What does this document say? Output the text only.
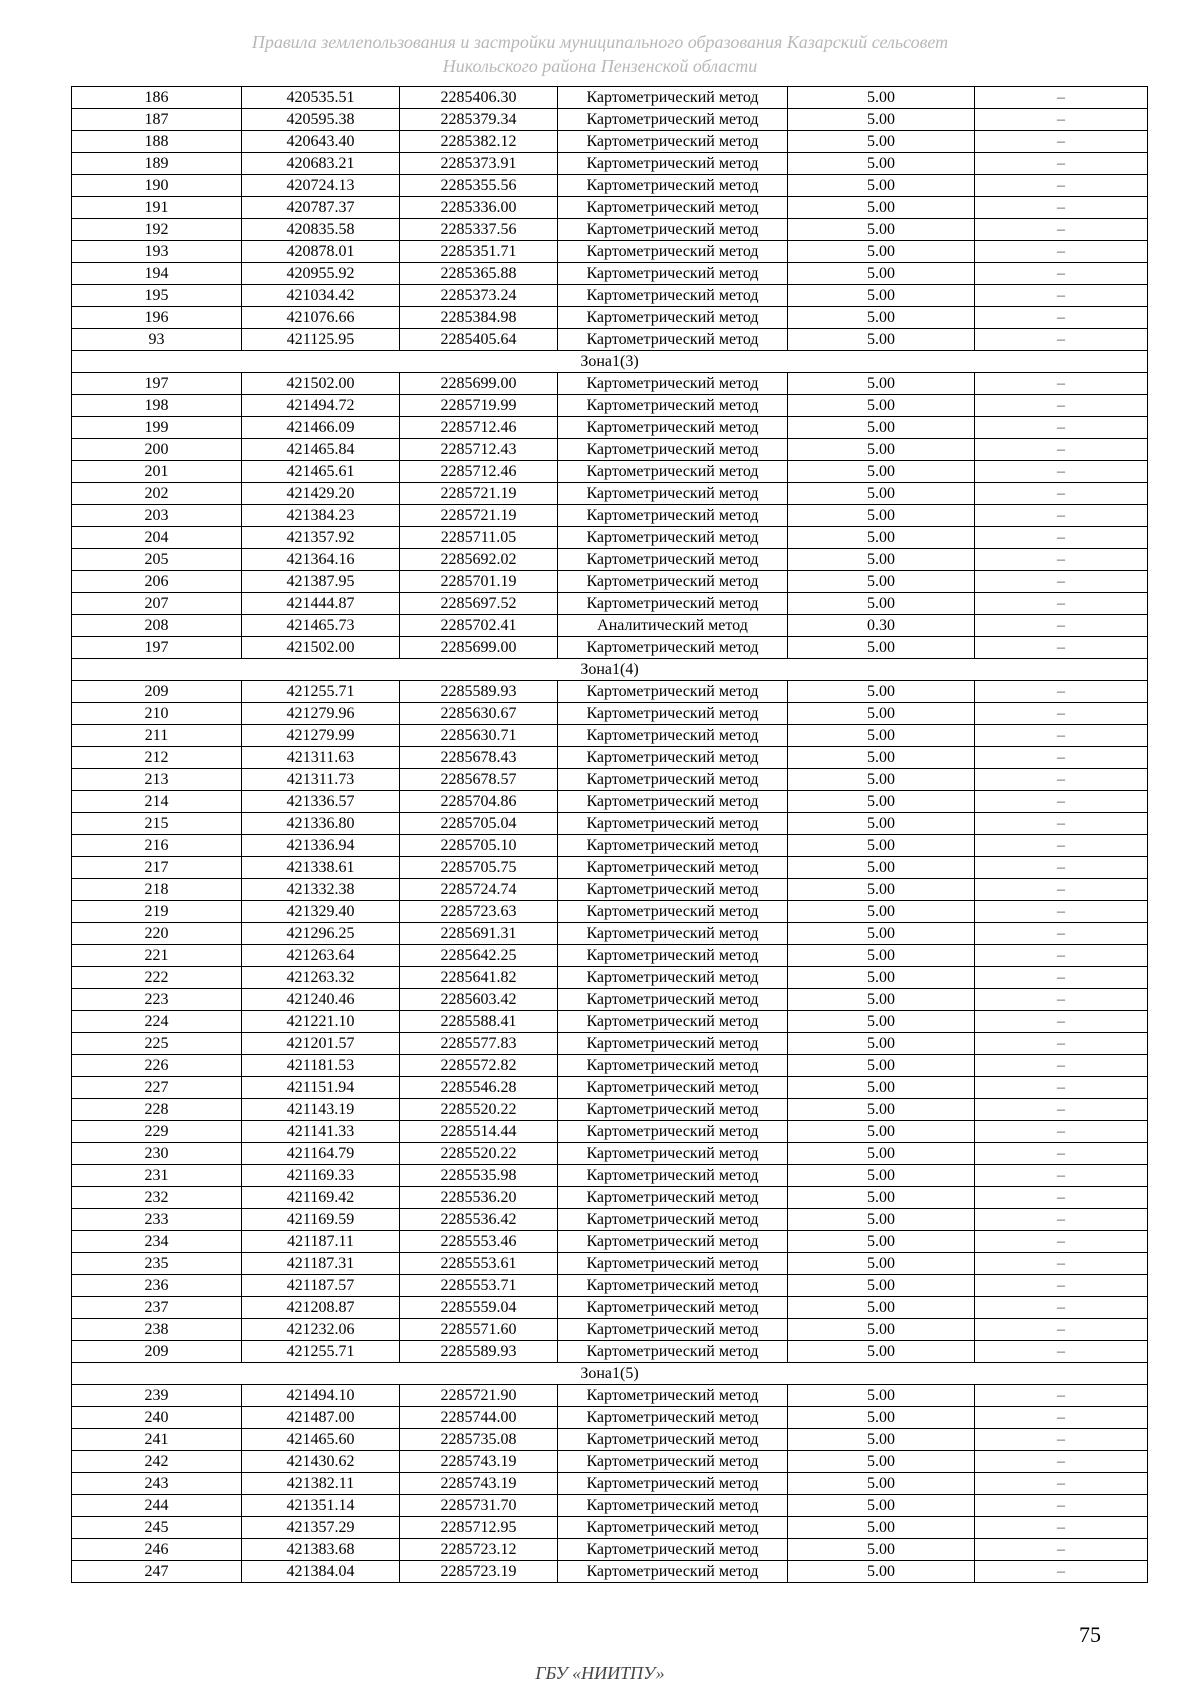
Правила землепользования и застройки муниципального образования Казарский сельсовет
Никольского района Пензенской области
186	420535.51	2285406.30	Картометрический метод	5.00	–
187	420595.38	2285379.34	Картометрический метод	5.00	–
188	420643.40	2285382.12	Картометрический метод	5.00	–
189	420683.21	2285373.91	Картометрический метод	5.00	–
190	420724.13	2285355.56	Картометрический метод	5.00	–
191	420787.37	2285336.00	Картометрический метод	5.00	–
192	420835.58	2285337.56	Картометрический метод	5.00	–
193	420878.01	2285351.71	Картометрический метод	5.00	–
194	420955.92	2285365.88	Картометрический метод	5.00	–
195	421034.42	2285373.24	Картометрический метод	5.00	–
196	421076.66	2285384.98	Картометрический метод	5.00	–
93	421125.95	2285405.64	Картометрический метод	5.00	–
Зона1(3)					
197	421502.00	2285699.00	Картометрический метод	5.00	–
198	421494.72	2285719.99	Картометрический метод	5.00	–
199	421466.09	2285712.46	Картометрический метод	5.00	–
200	421465.84	2285712.43	Картометрический метод	5.00	–
201	421465.61	2285712.46	Картометрический метод	5.00	–
202	421429.20	2285721.19	Картометрический метод	5.00	–
203	421384.23	2285721.19	Картометрический метод	5.00	–
204	421357.92	2285711.05	Картометрический метод	5.00	–
205	421364.16	2285692.02	Картометрический метод	5.00	–
206	421387.95	2285701.19	Картометрический метод	5.00	–
207	421444.87	2285697.52	Картометрический метод	5.00	–
208	421465.73	2285702.41	Аналитический метод	0.30	–
197	421502.00	2285699.00	Картометрический метод	5.00	–
Зона1(4)					
209	421255.71	2285589.93	Картометрический метод	5.00	–
210	421279.96	2285630.67	Картометрический метод	5.00	–
211	421279.99	2285630.71	Картометрический метод	5.00	–
212	421311.63	2285678.43	Картометрический метод	5.00	–
213	421311.73	2285678.57	Картометрический метод	5.00	–
214	421336.57	2285704.86	Картометрический метод	5.00	–
215	421336.80	2285705.04	Картометрический метод	5.00	–
216	421336.94	2285705.10	Картометрический метод	5.00	–
217	421338.61	2285705.75	Картометрический метод	5.00	–
218	421332.38	2285724.74	Картометрический метод	5.00	–
219	421329.40	2285723.63	Картометрический метод	5.00	–
220	421296.25	2285691.31	Картометрический метод	5.00	–
221	421263.64	2285642.25	Картометрический метод	5.00	–
222	421263.32	2285641.82	Картометрический метод	5.00	–
223	421240.46	2285603.42	Картометрический метод	5.00	–
224	421221.10	2285588.41	Картометрический метод	5.00	–
225	421201.57	2285577.83	Картометрический метод	5.00	–
226	421181.53	2285572.82	Картометрический метод	5.00	–
227	421151.94	2285546.28	Картометрический метод	5.00	–
228	421143.19	2285520.22	Картометрический метод	5.00	–
229	421141.33	2285514.44	Картометрический метод	5.00	–
230	421164.79	2285520.22	Картометрический метод	5.00	–
231	421169.33	2285535.98	Картометрический метод	5.00	–
232	421169.42	2285536.20	Картометрический метод	5.00	–
233	421169.59	2285536.42	Картометрический метод	5.00	–
234	421187.11	2285553.46	Картометрический метод	5.00	–
235	421187.31	2285553.61	Картометрический метод	5.00	–
236	421187.57	2285553.71	Картометрический метод	5.00	–
237	421208.87	2285559.04	Картометрический метод	5.00	–
238	421232.06	2285571.60	Картометрический метод	5.00	–
209	421255.71	2285589.93	Картометрический метод	5.00	–
Зона1(5)					
239	421494.10	2285721.90	Картометрический метод	5.00	–
240	421487.00	2285744.00	Картометрический метод	5.00	–
241	421465.60	2285735.08	Картометрический метод	5.00	–
242	421430.62	2285743.19	Картометрический метод	5.00	–
243	421382.11	2285743.19	Картометрический метод	5.00	–
244	421351.14	2285731.70	Картометрический метод	5.00	–
245	421357.29	2285712.95	Картометрический метод	5.00	–
246	421383.68	2285723.12	Картометрический метод	5.00	–
247	421384.04	2285723.19	Картометрический метод	5.00	–
75
ГБУ «НИИТПУ»
